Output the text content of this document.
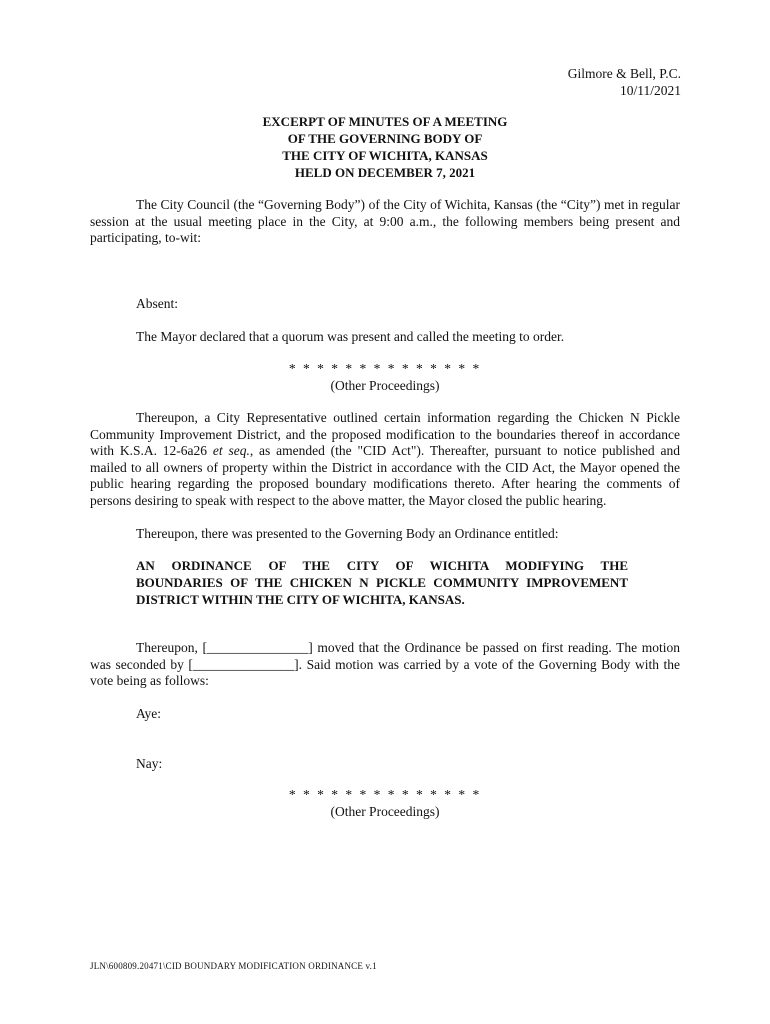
Gilmore & Bell, P.C.
10/11/2021
EXCERPT OF MINUTES OF A MEETING
OF THE GOVERNING BODY OF
THE CITY OF WICHITA, KANSAS
HELD ON DECEMBER 7, 2021
The City Council (the “Governing Body”) of the City of Wichita, Kansas (the “City”) met in regular session at the usual meeting place in the City, at 9:00 a.m., the following members being present and participating, to-wit:
Absent:
The Mayor declared that a quorum was present and called the meeting to order.
* * * * * * * * * * * * * *
(Other Proceedings)
Thereupon, a City Representative outlined certain information regarding the Chicken N Pickle Community Improvement District, and the proposed modification to the boundaries thereof in accordance with K.S.A. 12-6a26 et seq., as amended (the "CID Act"). Thereafter, pursuant to notice published and mailed to all owners of property within the District in accordance with the CID Act, the Mayor opened the public hearing regarding the proposed boundary modifications thereto. After hearing the comments of persons desiring to speak with respect to the above matter, the Mayor closed the public hearing.
Thereupon, there was presented to the Governing Body an Ordinance entitled:
AN ORDINANCE OF THE CITY OF WICHITA MODIFYING THE
BOUNDARIES OF THE CHICKEN N PICKLE COMMUNITY IMPROVEMENT
DISTRICT WITHIN THE CITY OF WICHITA, KANSAS.
Thereupon, [_______________] moved that the Ordinance be passed on first reading. The motion was seconded by [_______________]. Said motion was carried by a vote of the Governing Body with the vote being as follows:
Aye:
Nay:
* * * * * * * * * * * * * *
(Other Proceedings)
JLN\600809.20471\CID BOUNDARY MODIFICATION ORDINANCE v.1
